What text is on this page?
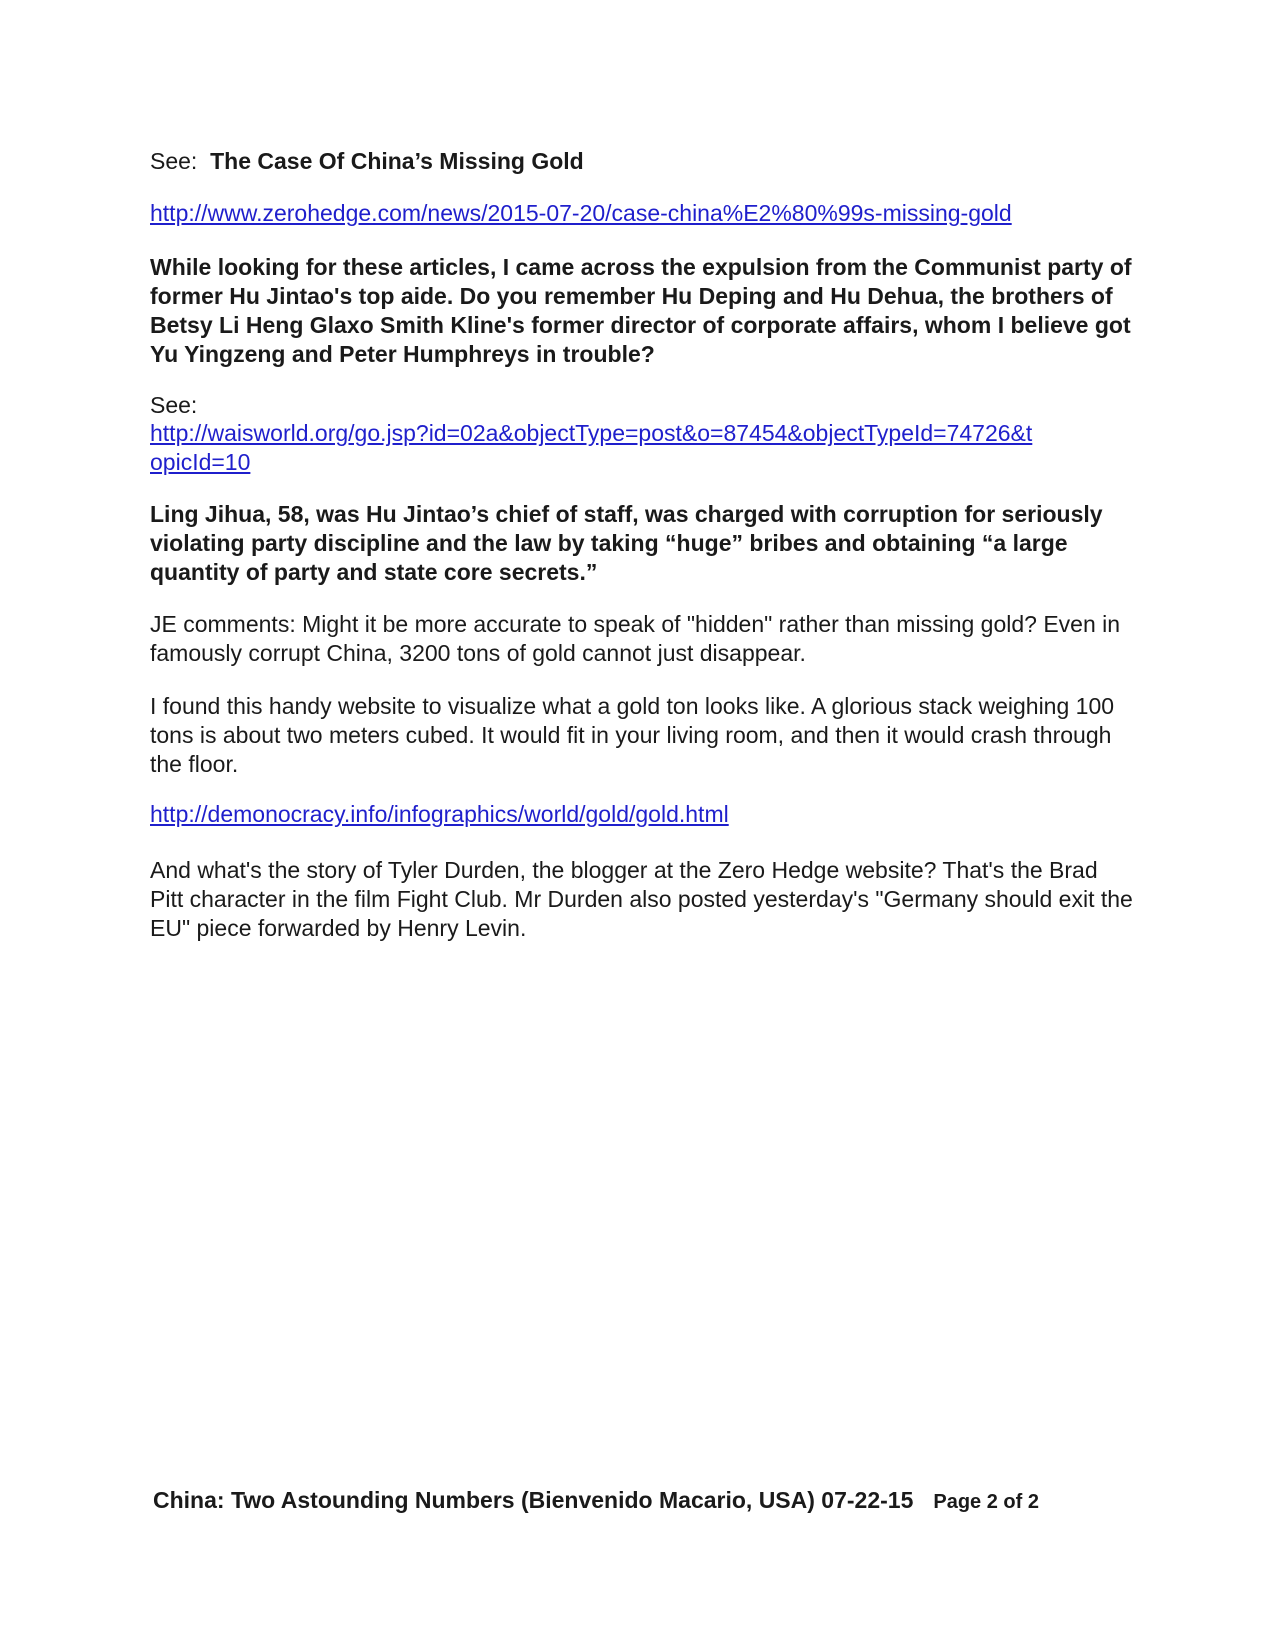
See: The Case Of China’s Missing Gold

http://www.zerohedge.com/news/2015-07-20/case-china%E2%80%99s-missing-gold

While looking for these articles, I came across the expulsion from the Communist party of former Hu Jintao's top aide. Do you remember Hu Deping and Hu Dehua, the brothers of Betsy Li Heng Glaxo Smith Kline's former director of corporate affairs, whom I believe got Yu Yingzeng and Peter Humphreys in trouble?

See:

http://waisworld.org/go.jsp?id=02a&objectType=post&o=87454&objectTypeId=74726&t
opicId=10

Ling Jihua, 58, was Hu Jintao’s chief of staff, was charged with corruption for seriously violating party discipline and the law by taking “huge” bribes and obtaining “a large quantity of party and state core secrets.”

JE comments: Might it be more accurate to speak of "hidden" rather than missing gold? Even in famously corrupt China, 3200 tons of gold cannot just disappear.

I found this handy website to visualize what a gold ton looks like. A glorious stack weighing 100 tons is about two meters cubed. It would fit in your living room, and then it would crash through the floor.

http://demonocracy.info/infographics/world/gold/gold.html

And what's the story of Tyler Durden, the blogger at the Zero Hedge website? That's the Brad Pitt character in the film Fight Club. Mr Durden also posted yesterday's "Germany should exit the EU" piece forwarded by Henry Levin.

China: Two Astounding Numbers (Bienvenido Macario, USA) 07-22-15 Page 2 of 2
